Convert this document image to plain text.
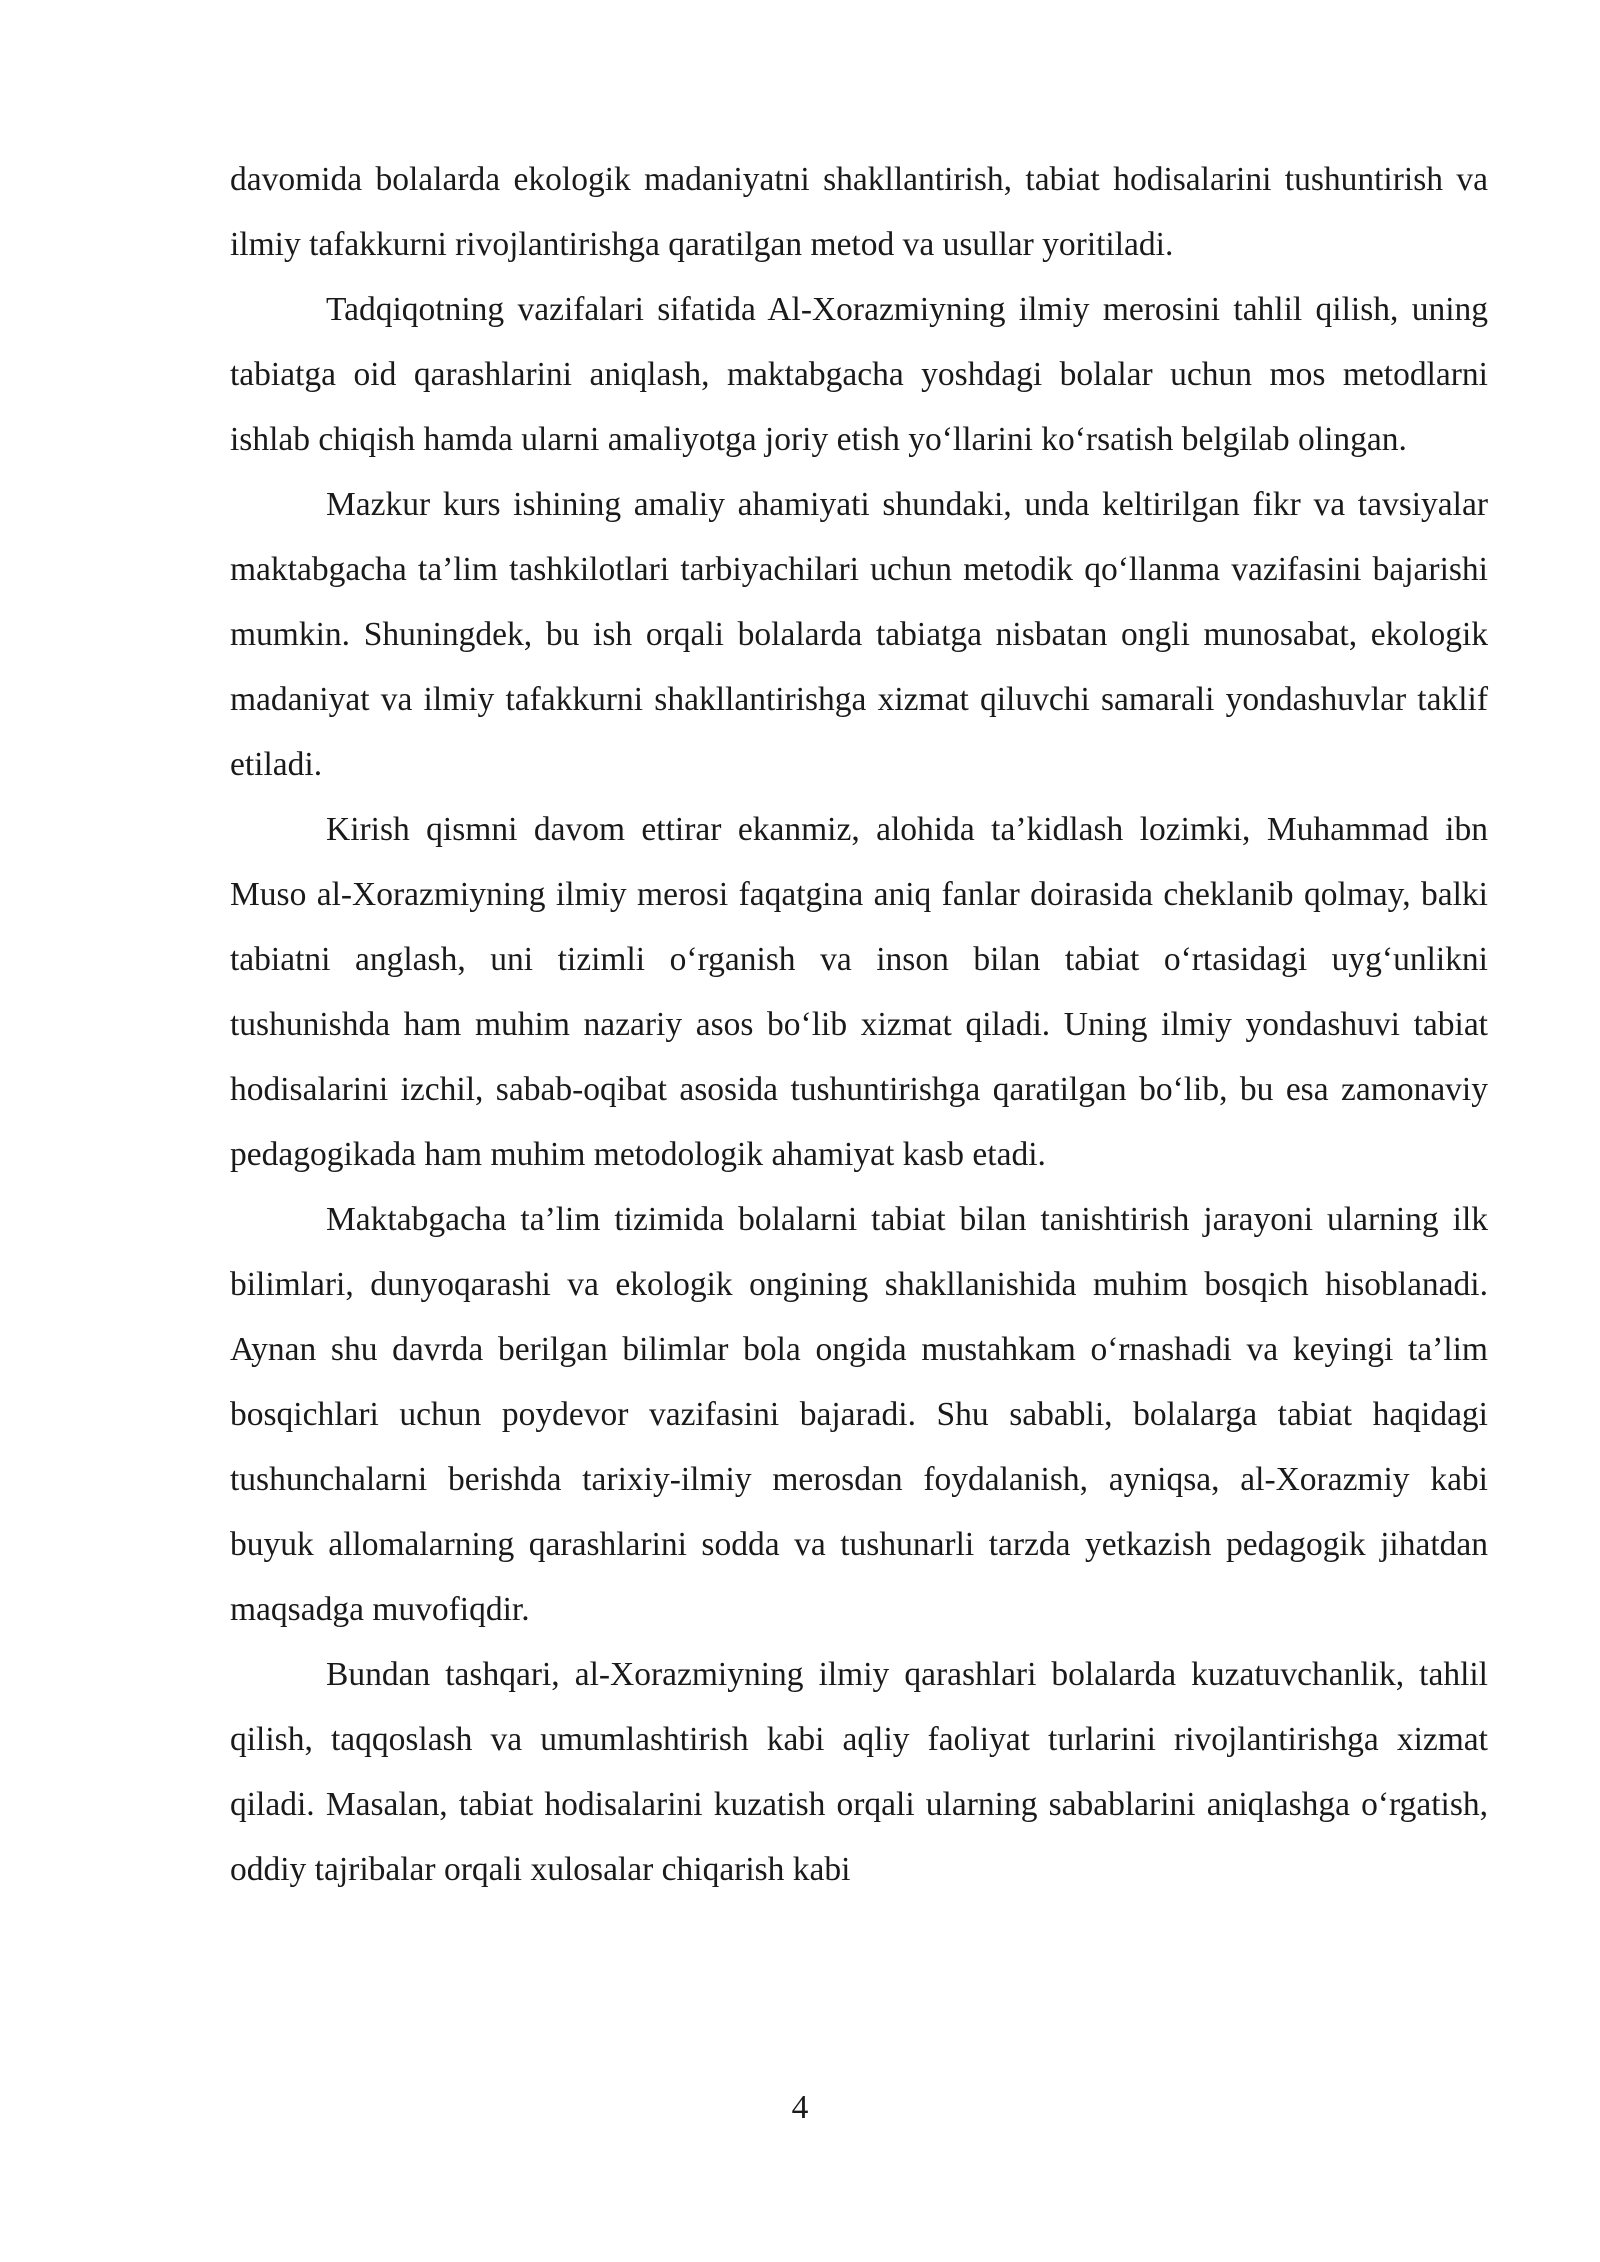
davomida bolalarda ekologik madaniyatni shakllantirish, tabiat hodisalarini tushuntirish va ilmiy tafakkurni rivojlantirishga qaratilgan metod va usullar yoritiladi.

Tadqiqotning vazifalari sifatida Al-Xorazmiyning ilmiy merosini tahlil qilish, uning tabiatga oid qarashlarini aniqlash, maktabgacha yoshdagi bolalar uchun mos metodlarni ishlab chiqish hamda ularni amaliyotga joriy etish yo‘llarini ko‘rsatish belgilab olingan.

Mazkur kurs ishining amaliy ahamiyati shundaki, unda keltirilgan fikr va tavsiyalar maktabgacha ta’lim tashkilotlari tarbiyachilari uchun metodik qo‘llanma vazifasini bajarishi mumkin. Shuningdek, bu ish orqali bolalarda tabiatga nisbatan ongli munosabat, ekologik madaniyat va ilmiy tafakkurni shakllantirishga xizmat qiluvchi samarali yondashuvlar taklif etiladi.

Kirish qismni davom ettirar ekanmiz, alohida ta’kidlash lozimki, Muhammad ibn Muso al-Xorazmiyning ilmiy merosi faqatgina aniq fanlar doirasida cheklanib qolmay, balki tabiatni anglash, uni tizimli o‘rganish va inson bilan tabiat o‘rtasidagi uyg‘unlikni tushunishda ham muhim nazariy asos bo‘lib xizmat qiladi. Uning ilmiy yondashuvi tabiat hodisalarini izchil, sabab-oqibat asosida tushuntirishga qaratilgan bo‘lib, bu esa zamonaviy pedagogikada ham muhim metodologik ahamiyat kasb etadi.

Maktabgacha ta’lim tizimida bolalarni tabiat bilan tanishtirish jarayoni ularning ilk bilimlari, dunyoqarashi va ekologik ongining shakllanishida muhim bosqich hisoblanadi. Aynan shu davrda berilgan bilimlar bola ongida mustahkam o‘rnashadi va keyingi ta’lim bosqichlari uchun poydevor vazifasini bajaradi. Shu sababli, bolalarga tabiat haqidagi tushunchalarni berishda tarixiy-ilmiy merosdan foydalanish, ayniqsa, al-Xorazmiy kabi buyuk allomalarning qarashlarini sodda va tushunarli tarzda yetkazish pedagogik jihatdan maqsadga muvofiqdir.

Bundan tashqari, al-Xorazmiyning ilmiy qarashlari bolalarda kuzatuvchanlik, tahlil qilish, taqqoslash va umumlashtirish kabi aqliy faoliyat turlarini rivojlantirishga xizmat qiladi. Masalan, tabiat hodisalarini kuzatish orqali ularning sabablarini aniqlashga o‘rgatish, oddiy tajribalar orqali xulosalar chiqarish kabi

4
